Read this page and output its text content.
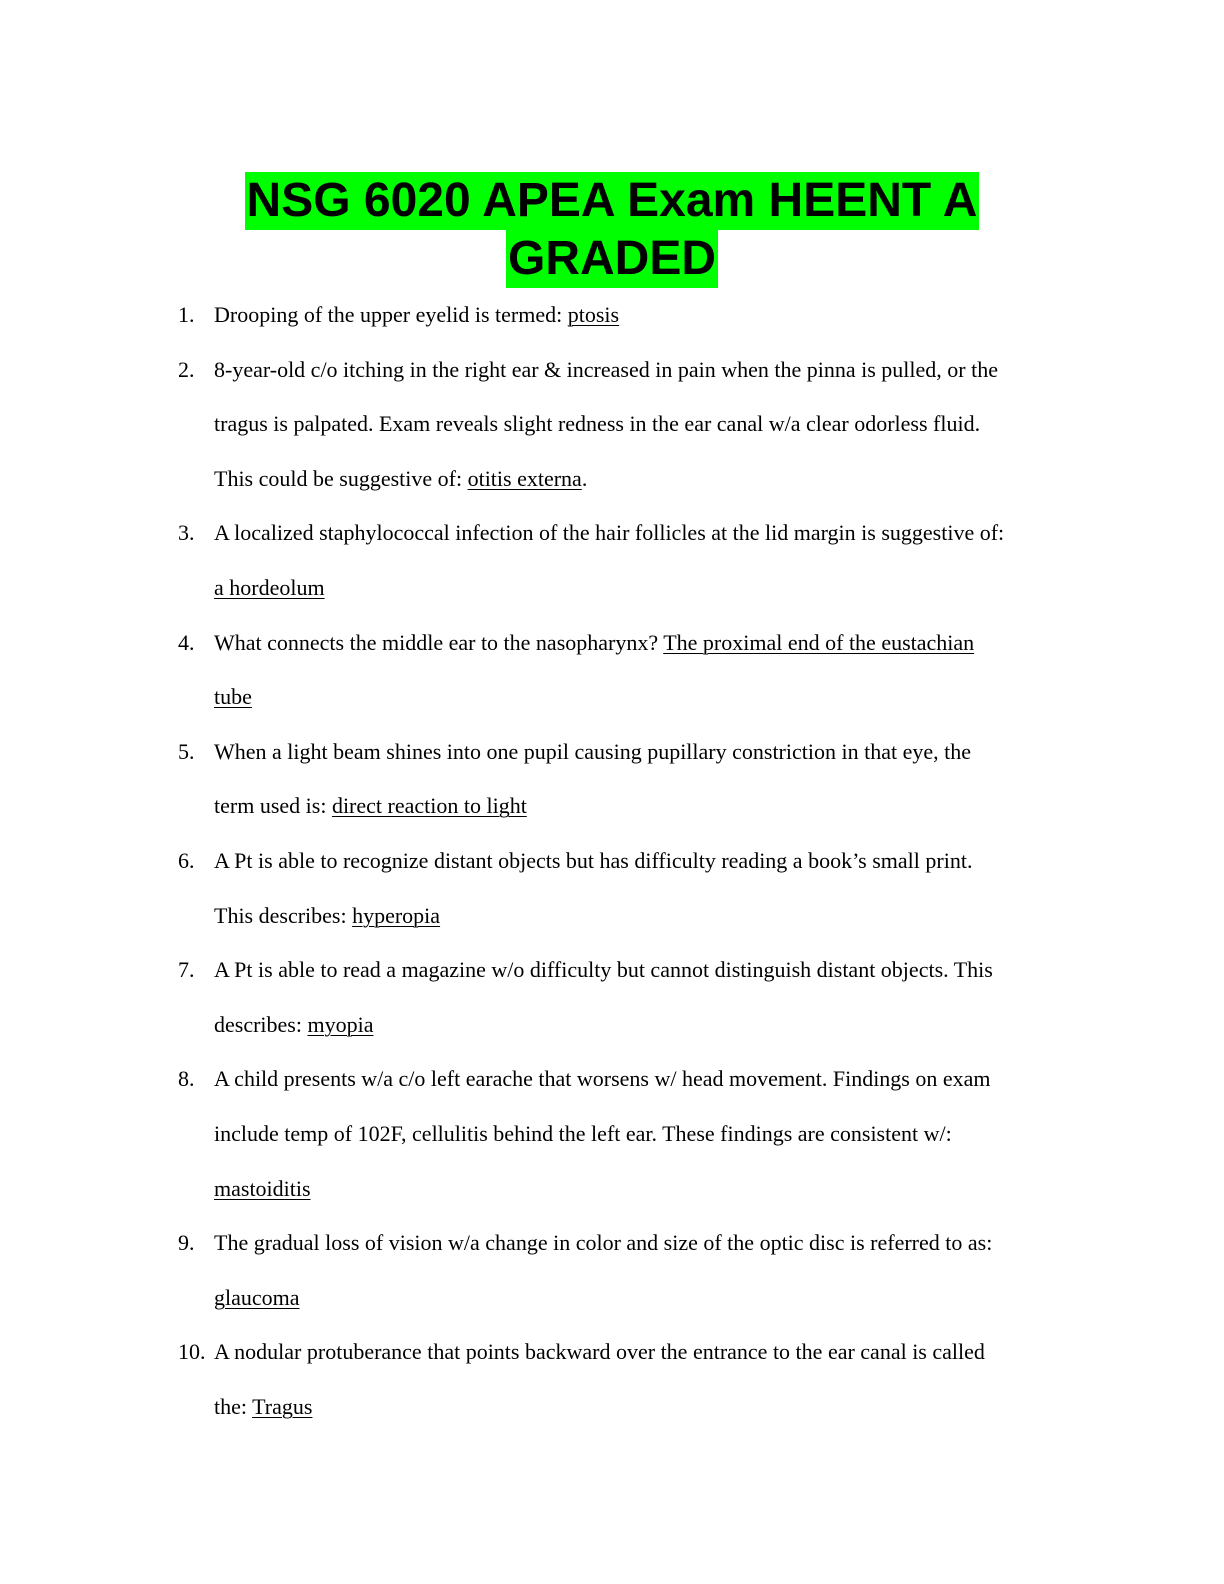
NSG 6020 APEA Exam HEENT A
GRADED
1. Drooping of the upper eyelid is termed: ptosis
2. 8-year-old c/o itching in the right ear & increased in pain when the pinna is pulled, or the
tragus is palpated. Exam reveals slight redness in the ear canal w/a clear odorless fluid.
This could be suggestive of: otitis externa.
3. A localized staphylococcal infection of the hair follicles at the lid margin is suggestive of:
a hordeolum
4. What connects the middle ear to the nasopharynx? The proximal end of the eustachian
tube
5. When a light beam shines into one pupil causing pupillary constriction in that eye, the
term used is: direct reaction to light
6. A Pt is able to recognize distant objects but has difficulty reading a book’s small print.
This describes: hyperopia
7. A Pt is able to read a magazine w/o difficulty but cannot distinguish distant objects. This
describes: myopia
8. A child presents w/a c/o left earache that worsens w/ head movement. Findings on exam
include temp of 102F, cellulitis behind the left ear. These findings are consistent w/:
mastoiditis
9. The gradual loss of vision w/a change in color and size of the optic disc is referred to as:
glaucoma
10. A nodular protuberance that points backward over the entrance to the ear canal is called
the: Tragus
